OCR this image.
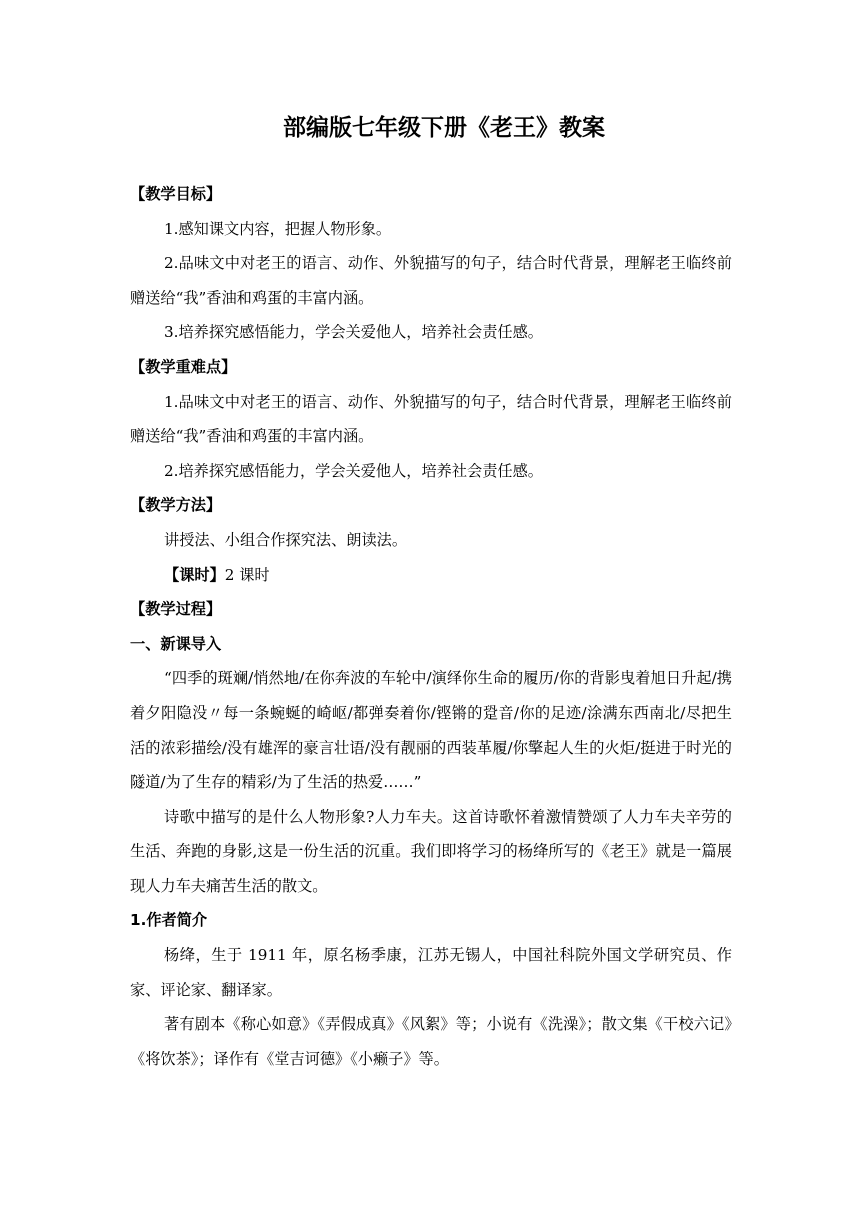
部编版七年级下册《老王》教案

【教学目标】

1.感知课文内容，把握人物形象。

2.品味文中对老王的语言、动作、外貌描写的句子，结合时代背景，理解老王临终前赠送给“我”香油和鸡蛋的丰富内涵。

3.培养探究感悟能力，学会关爱他人，培养社会责任感。

【教学重难点】

1.品味文中对老王的语言、动作、外貌描写的句子，结合时代背景，理解老王临终前赠送给“我”香油和鸡蛋的丰富内涵。

2.培养探究感悟能力，学会关爱他人，培养社会责任感。

【教学方法】

讲授法、小组合作探究法、朗读法。

【课时】2 课时

【教学过程】

一、新课导入

“四季的斑斓/悄然地/在你奔波的车轮中/演绎你生命的履历/你的背影曳着旭日升起/携着夕阳隐没〃每一条蜿蜒的崎岖/都弹奏着你/铿锵的跫音/你的足迹/涂满东西南北/尽把生活的浓彩描绘/没有雄浑的豪言壮语/没有靓丽的西装革履/你擎起人生的火炬/挺进于时光的隧道/为了生存的精彩/为了生活的热爱……”

诗歌中描写的是什么人物形象?人力车夫。这首诗歌怀着激情赞颂了人力车夫辛劳的生活、奔跑的身影,这是一份生活的沉重。我们即将学习的杨绛所写的《老王》就是一篇展现人力车夫痛苦生活的散文。

1.作者简介

杨绛，生于 1911 年，原名杨季康，江苏无锡人，中国社科院外国文学研究员、作家、评论家、翻译家。

著有剧本《称心如意》《弄假成真》《风絮》等；小说有《洗澡》；散文集《干校六记》《将饮茶》；译作有《堂吉诃德》《小癞子》等。
